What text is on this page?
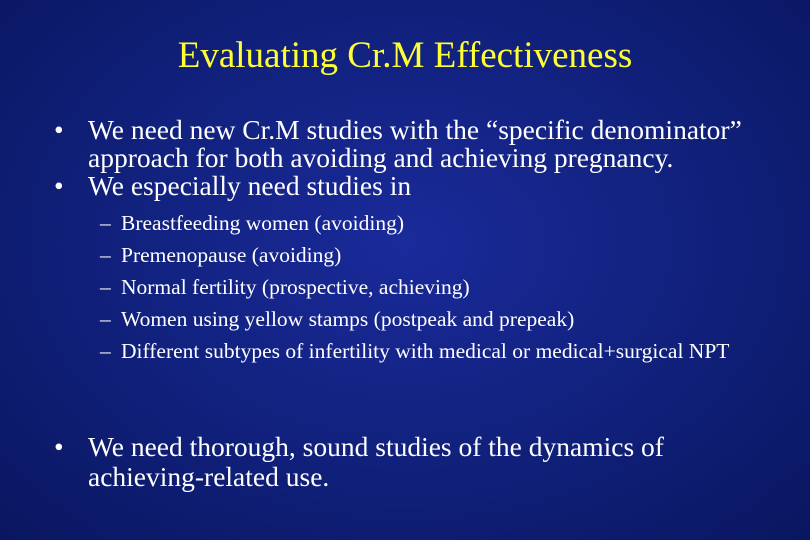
Evaluating Cr.M Effectiveness
• We need new Cr.M studies with the “specific denominator” approach for both avoiding and achieving pregnancy.
• We especially need studies in
– Breastfeeding women (avoiding)
– Premenopause (avoiding)
– Normal fertility (prospective, achieving)
– Women using yellow stamps (postpeak and prepeak)
– Different subtypes of infertility with medical or medical+surgical NPT
• We need thorough, sound studies of the dynamics of achieving-related use.
